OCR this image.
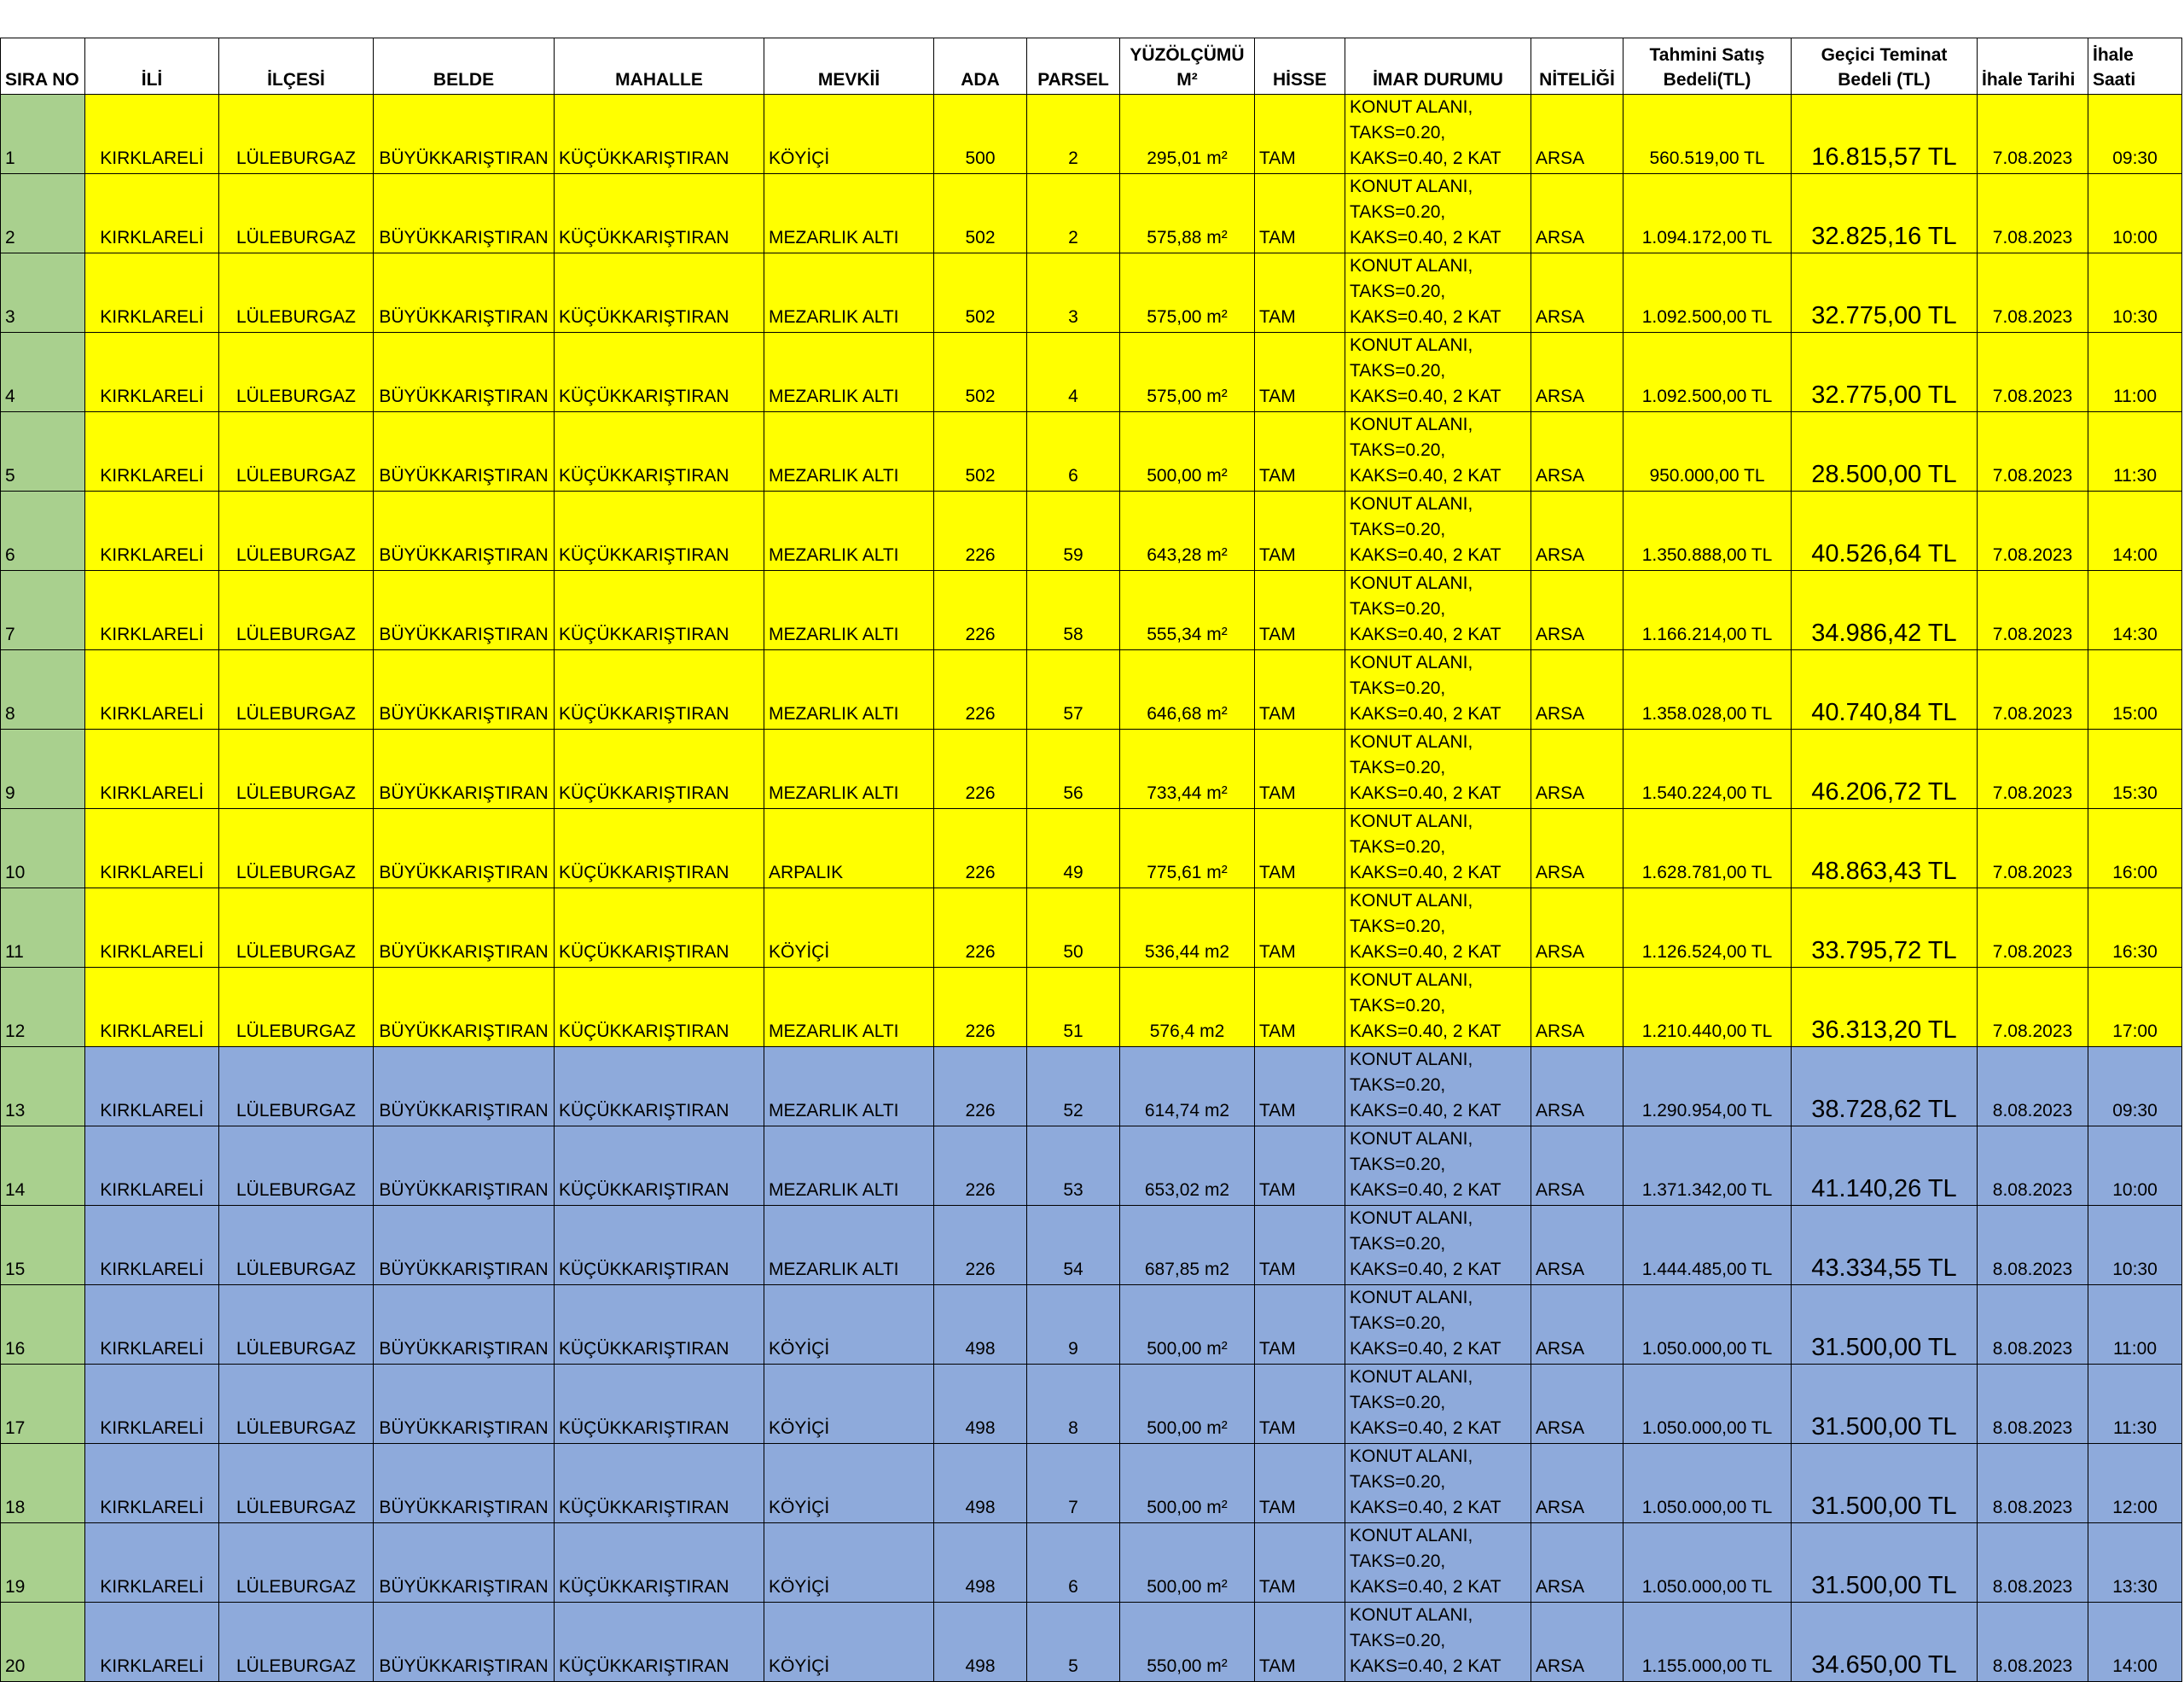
SIRA NO	İLİ	İLÇESİ	BELDE	MAHALLE	MEVKİİ	ADA	PARSEL	YÜZÖLÇÜMÜ M²	HİSSE	İMAR DURUMU	NİTELİĞİ	Tahmini Satış Bedeli(TL)	Geçici Teminat Bedeli (TL)	İhale Tarihi	İhale Saati
1	KIRKLARELİ	LÜLEBURGAZ	BÜYÜKKARIŞTIRAN	KÜÇÜKKARIŞTIRAN	KÖYİÇİ	500	2	295,01 m²	TAM	KONUT ALANI, TAKS=0.20, KAKS=0.40, 2 KAT	ARSA	560.519,00 TL	16.815,57 TL	7.08.2023	09:30
2	KIRKLARELİ	LÜLEBURGAZ	BÜYÜKKARIŞTIRAN	KÜÇÜKKARIŞTIRAN	MEZARLIK ALTI	502	2	575,88 m²	TAM	KONUT ALANI, TAKS=0.20, KAKS=0.40, 2 KAT	ARSA	1.094.172,00 TL	32.825,16 TL	7.08.2023	10:00
3	KIRKLARELİ	LÜLEBURGAZ	BÜYÜKKARIŞTIRAN	KÜÇÜKKARIŞTIRAN	MEZARLIK ALTI	502	3	575,00 m²	TAM	KONUT ALANI, TAKS=0.20, KAKS=0.40, 2 KAT	ARSA	1.092.500,00 TL	32.775,00 TL	7.08.2023	10:30
4	KIRKLARELİ	LÜLEBURGAZ	BÜYÜKKARIŞTIRAN	KÜÇÜKKARIŞTIRAN	MEZARLIK ALTI	502	4	575,00 m²	TAM	KONUT ALANI, TAKS=0.20, KAKS=0.40, 2 KAT	ARSA	1.092.500,00 TL	32.775,00 TL	7.08.2023	11:00
5	KIRKLARELİ	LÜLEBURGAZ	BÜYÜKKARIŞTIRAN	KÜÇÜKKARIŞTIRAN	MEZARLIK ALTI	502	6	500,00 m²	TAM	KONUT ALANI, TAKS=0.20, KAKS=0.40, 2 KAT	ARSA	950.000,00 TL	28.500,00 TL	7.08.2023	11:30
6	KIRKLARELİ	LÜLEBURGAZ	BÜYÜKKARIŞTIRAN	KÜÇÜKKARIŞTIRAN	MEZARLIK ALTI	226	59	643,28 m²	TAM	KONUT ALANI, TAKS=0.20, KAKS=0.40, 2 KAT	ARSA	1.350.888,00 TL	40.526,64 TL	7.08.2023	14:00
7	KIRKLARELİ	LÜLEBURGAZ	BÜYÜKKARIŞTIRAN	KÜÇÜKKARIŞTIRAN	MEZARLIK ALTI	226	58	555,34 m²	TAM	KONUT ALANI, TAKS=0.20, KAKS=0.40, 2 KAT	ARSA	1.166.214,00 TL	34.986,42 TL	7.08.2023	14:30
8	KIRKLARELİ	LÜLEBURGAZ	BÜYÜKKARIŞTIRAN	KÜÇÜKKARIŞTIRAN	MEZARLIK ALTI	226	57	646,68 m²	TAM	KONUT ALANI, TAKS=0.20, KAKS=0.40, 2 KAT	ARSA	1.358.028,00 TL	40.740,84 TL	7.08.2023	15:00
9	KIRKLARELİ	LÜLEBURGAZ	BÜYÜKKARIŞTIRAN	KÜÇÜKKARIŞTIRAN	MEZARLIK ALTI	226	56	733,44 m²	TAM	KONUT ALANI, TAKS=0.20, KAKS=0.40, 2 KAT	ARSA	1.540.224,00 TL	46.206,72 TL	7.08.2023	15:30
10	KIRKLARELİ	LÜLEBURGAZ	BÜYÜKKARIŞTIRAN	KÜÇÜKKARIŞTIRAN	ARPALIK	226	49	775,61 m²	TAM	KONUT ALANI, TAKS=0.20, KAKS=0.40, 2 KAT	ARSA	1.628.781,00 TL	48.863,43 TL	7.08.2023	16:00
11	KIRKLARELİ	LÜLEBURGAZ	BÜYÜKKARIŞTIRAN	KÜÇÜKKARIŞTIRAN	KÖYİÇİ	226	50	536,44 m2	TAM	KONUT ALANI, TAKS=0.20, KAKS=0.40, 2 KAT	ARSA	1.126.524,00 TL	33.795,72 TL	7.08.2023	16:30
12	KIRKLARELİ	LÜLEBURGAZ	BÜYÜKKARIŞTIRAN	KÜÇÜKKARIŞTIRAN	MEZARLIK ALTI	226	51	576,4 m2	TAM	KONUT ALANI, TAKS=0.20, KAKS=0.40, 2 KAT	ARSA	1.210.440,00 TL	36.313,20 TL	7.08.2023	17:00
13	KIRKLARELİ	LÜLEBURGAZ	BÜYÜKKARIŞTIRAN	KÜÇÜKKARIŞTIRAN	MEZARLIK ALTI	226	52	614,74 m2	TAM	KONUT ALANI, TAKS=0.20, KAKS=0.40, 2 KAT	ARSA	1.290.954,00 TL	38.728,62 TL	8.08.2023	09:30
14	KIRKLARELİ	LÜLEBURGAZ	BÜYÜKKARIŞTIRAN	KÜÇÜKKARIŞTIRAN	MEZARLIK ALTI	226	53	653,02 m2	TAM	KONUT ALANI, TAKS=0.20, KAKS=0.40, 2 KAT	ARSA	1.371.342,00 TL	41.140,26 TL	8.08.2023	10:00
15	KIRKLARELİ	LÜLEBURGAZ	BÜYÜKKARIŞTIRAN	KÜÇÜKKARIŞTIRAN	MEZARLIK ALTI	226	54	687,85 m2	TAM	KONUT ALANI, TAKS=0.20, KAKS=0.40, 2 KAT	ARSA	1.444.485,00 TL	43.334,55 TL	8.08.2023	10:30
16	KIRKLARELİ	LÜLEBURGAZ	BÜYÜKKARIŞTIRAN	KÜÇÜKKARIŞTIRAN	KÖYİÇİ	498	9	500,00 m²	TAM	KONUT ALANI, TAKS=0.20, KAKS=0.40, 2 KAT	ARSA	1.050.000,00 TL	31.500,00 TL	8.08.2023	11:00
17	KIRKLARELİ	LÜLEBURGAZ	BÜYÜKKARIŞTIRAN	KÜÇÜKKARIŞTIRAN	KÖYİÇİ	498	8	500,00 m²	TAM	KONUT ALANI, TAKS=0.20, KAKS=0.40, 2 KAT	ARSA	1.050.000,00 TL	31.500,00 TL	8.08.2023	11:30
18	KIRKLARELİ	LÜLEBURGAZ	BÜYÜKKARIŞTIRAN	KÜÇÜKKARIŞTIRAN	KÖYİÇİ	498	7	500,00 m²	TAM	KONUT ALANI, TAKS=0.20, KAKS=0.40, 2 KAT	ARSA	1.050.000,00 TL	31.500,00 TL	8.08.2023	12:00
19	KIRKLARELİ	LÜLEBURGAZ	BÜYÜKKARIŞTIRAN	KÜÇÜKKARIŞTIRAN	KÖYİÇİ	498	6	500,00 m²	TAM	KONUT ALANI, TAKS=0.20, KAKS=0.40, 2 KAT	ARSA	1.050.000,00 TL	31.500,00 TL	8.08.2023	13:30
20	KIRKLARELİ	LÜLEBURGAZ	BÜYÜKKARIŞTIRAN	KÜÇÜKKARIŞTIRAN	KÖYİÇİ	498	5	550,00 m²	TAM	KONUT ALANI, TAKS=0.20, KAKS=0.40, 2 KAT	ARSA	1.155.000,00 TL	34.650,00 TL	8.08.2023	14:00
